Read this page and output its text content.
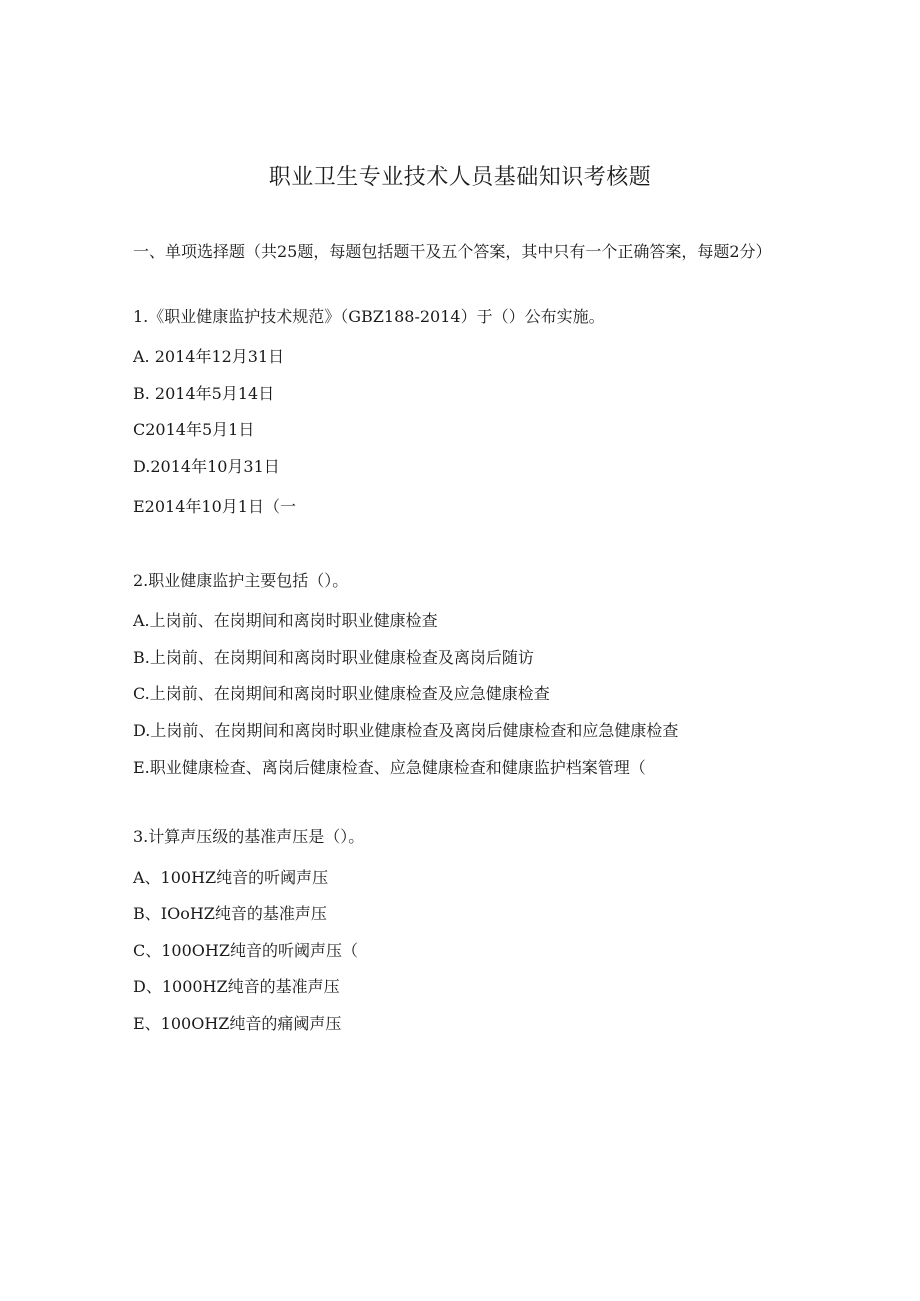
职业卫生专业技术人员基础知识考核题
一、单项选择题（共25题，每题包括题干及五个答案，其中只有一个正确答案，每题2分）
1.《职业健康监护技术规范》（GBZ188-2014）于（）公布实施。
A. 2014年12月31日
B. 2014年5月14日
C2014年5月1日
D.2014年10月31日
E2014年10月1日（一
2.职业健康监护主要包括（）。
A.上岗前、在岗期间和离岗时职业健康检查
B.上岗前、在岗期间和离岗时职业健康检查及离岗后随访
C.上岗前、在岗期间和离岗时职业健康检查及应急健康检查
D.上岗前、在岗期间和离岗时职业健康检查及离岗后健康检查和应急健康检查
E.职业健康检查、离岗后健康检查、应急健康检查和健康监护档案管理（
3.计算声压级的基准声压是（）。
A、100HZ纯音的听阈声压
B、IOoHZ纯音的基准声压
C、100OHZ纯音的听阈声压（
D、1000HZ纯音的基准声压
E、100OHZ纯音的痛阈声压
